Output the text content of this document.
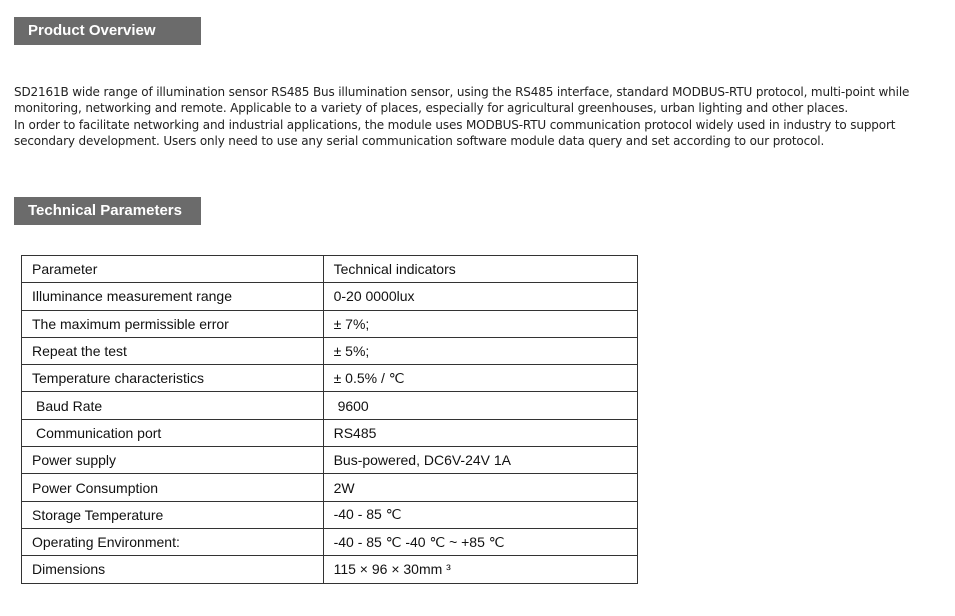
Product Overview

SD2161B wide range of illumination sensor RS485 Bus illumination sensor, using the RS485 interface, standard MODBUS-RTU protocol, multi-point while monitoring, networking and remote. Applicable to a variety of places, especially for agricultural greenhouses, urban lighting and other places.

In order to facilitate networking and industrial applications, the module uses MODBUS-RTU communication protocol widely used in industry to support secondary development. Users only need to use any serial communication software module data query and set according to our protocol.

Technical Parameters
Parameter	Technical indicators
Illuminance measurement range	0-20 0000lux
The maximum permissible error	± 7%;
Repeat the test	± 5%;
Temperature characteristics	± 0.5% / ℃
Baud Rate	9600
Communication port	RS485
Power supply	Bus-powered, DC6V-24V 1A
Power Consumption	2W
Storage Temperature	-40 - 85 ℃
Operating Environment:	-40 - 85 ℃ -40 ℃ ~ +85 ℃
Dimensions	115 × 96 × 30mm ³
